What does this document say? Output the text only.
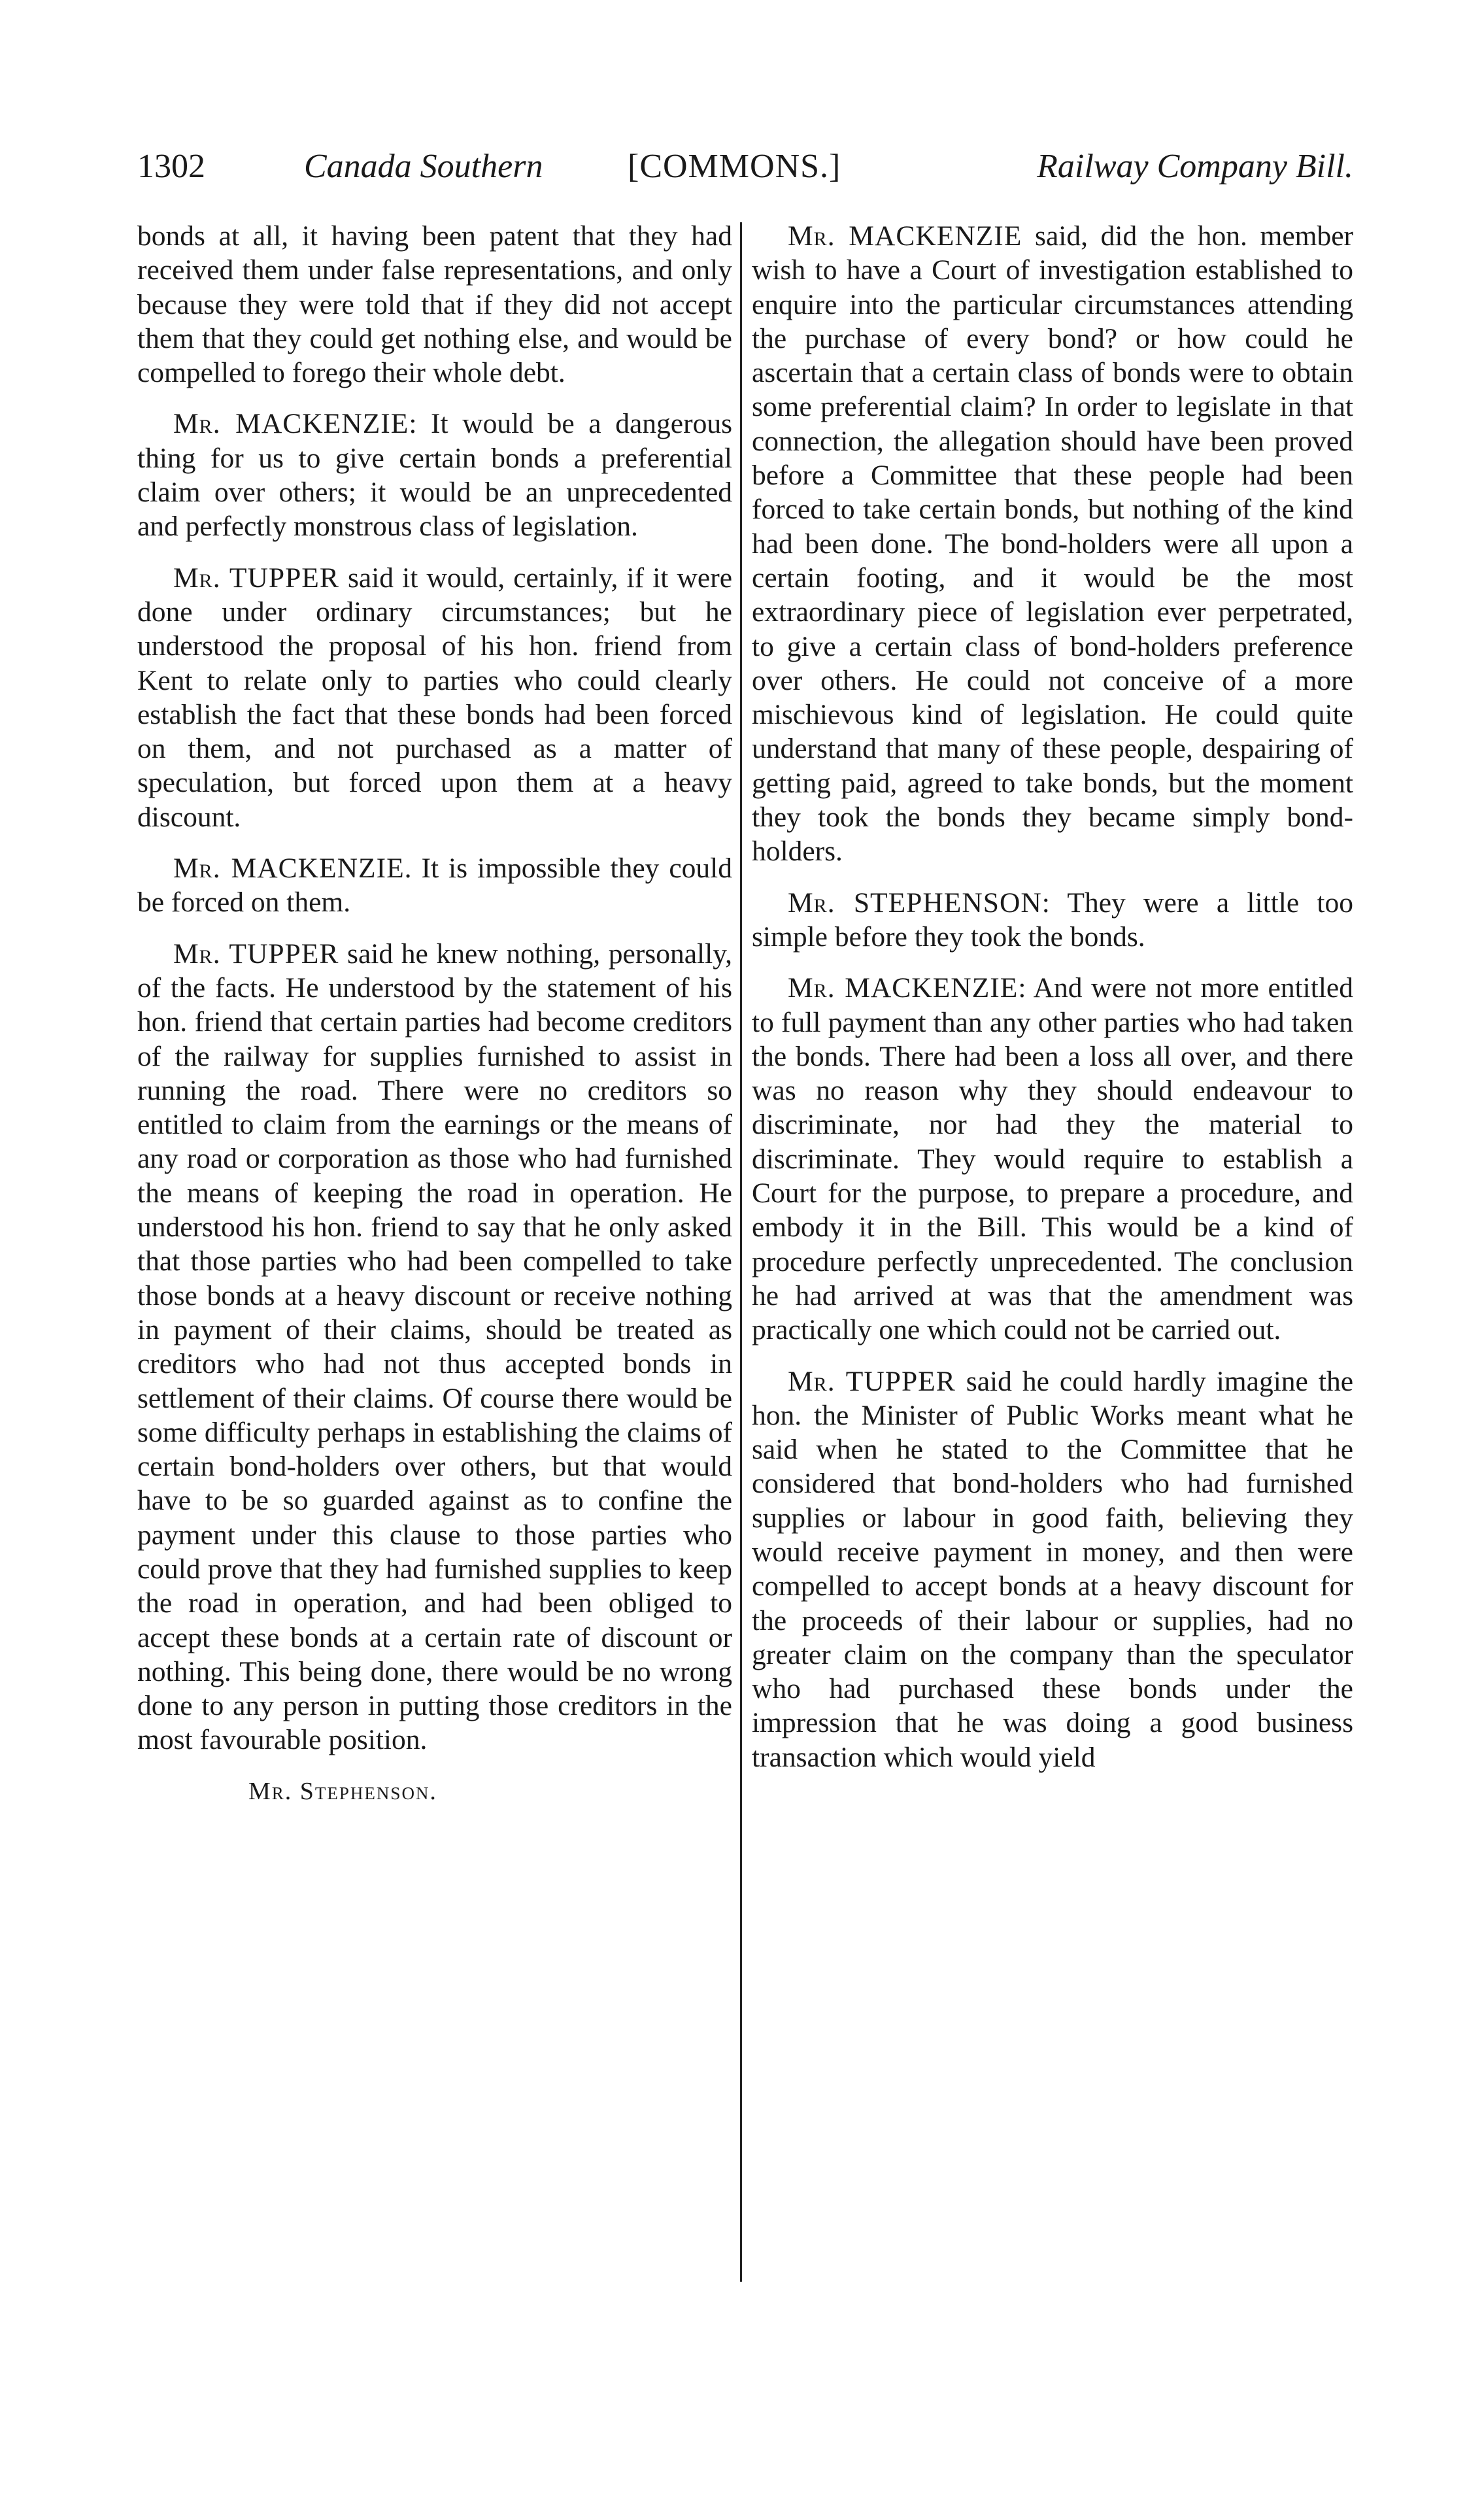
1302	Canada Southern [COMMONS.]	Railway Company Bill.

bonds at all, it having been patent that they had received them under false representations, and only because they were told that if they did not accept them that they could get nothing else, and would be compelled to forego their whole debt.

Mr. MACKENZIE: It would be a dangerous thing for us to give certain bonds a preferential claim over others; it would be an unprecedented and perfectly monstrous class of legislation.

Mr. TUPPER said it would, certainly, if it were done under ordinary circumstances; but he understood the proposal of his hon. friend from Kent to relate only to parties who could clearly establish the fact that these bonds had been forced on them, and not purchased as a matter of speculation, but forced upon them at a heavy discount.

Mr. MACKENZIE. It is impossible they could be forced on them.

Mr. TUPPER said he knew nothing, personally, of the facts. He understood by the statement of his hon. friend that certain parties had become creditors of the railway for supplies furnished to assist in running the road. There were no creditors so entitled to claim from the earnings or the means of any road or corporation as those who had furnished the means of keeping the road in operation. He understood his hon. friend to say that he only asked that those parties who had been compelled to take those bonds at a heavy discount or receive nothing in payment of their claims, should be treated as creditors who had not thus accepted bonds in settlement of their claims. Of course there would be some difficulty perhaps in establishing the claims of certain bond-holders over others, but that would have to be so guarded against as to confine the payment under this clause to those parties who could prove that they had furnished supplies to keep the road in operation, and had been obliged to accept these bonds at a certain rate of discount or nothing. This being done, there would be no wrong done to any person in putting those creditors in the most favourable position.

Mr. Stephenson.

Mr. MACKENZIE said, did the hon. member wish to have a Court of investigation established to enquire into the particular circumstances attending the purchase of every bond? or how could he ascertain that a certain class of bonds were to obtain some preferential claim? In order to legislate in that connection, the allegation should have been proved before a Committee that these people had been forced to take certain bonds, but nothing of the kind had been done. The bond-holders were all upon a certain footing, and it would be the most extraordinary piece of legislation ever perpetrated, to give a certain class of bond-holders preference over others. He could not conceive of a more mischievous kind of legislation. He could quite understand that many of these people, despairing of getting paid, agreed to take bonds, but the moment they took the bonds they became simply bond-holders.

Mr. STEPHENSON: They were a little too simple before they took the bonds.

Mr. MACKENZIE: And were not more entitled to full payment than any other parties who had taken the bonds. There had been a loss all over, and there was no reason why they should endeavour to discriminate, nor had they the material to discriminate. They would require to establish a Court for the purpose, to prepare a procedure, and embody it in the Bill. This would be a kind of procedure perfectly unprecedented. The conclusion he had arrived at was that the amendment was practically one which could not be carried out.

Mr. TUPPER said he could hardly imagine the hon. the Minister of Public Works meant what he said when he stated to the Committee that he considered that bond-holders who had furnished supplies or labour in good faith, believing they would receive payment in money, and then were compelled to accept bonds at a heavy discount for the proceeds of their labour or supplies, had no greater claim on the company than the speculator who had purchased these bonds under the impression that he was doing a good business transaction which would yield
